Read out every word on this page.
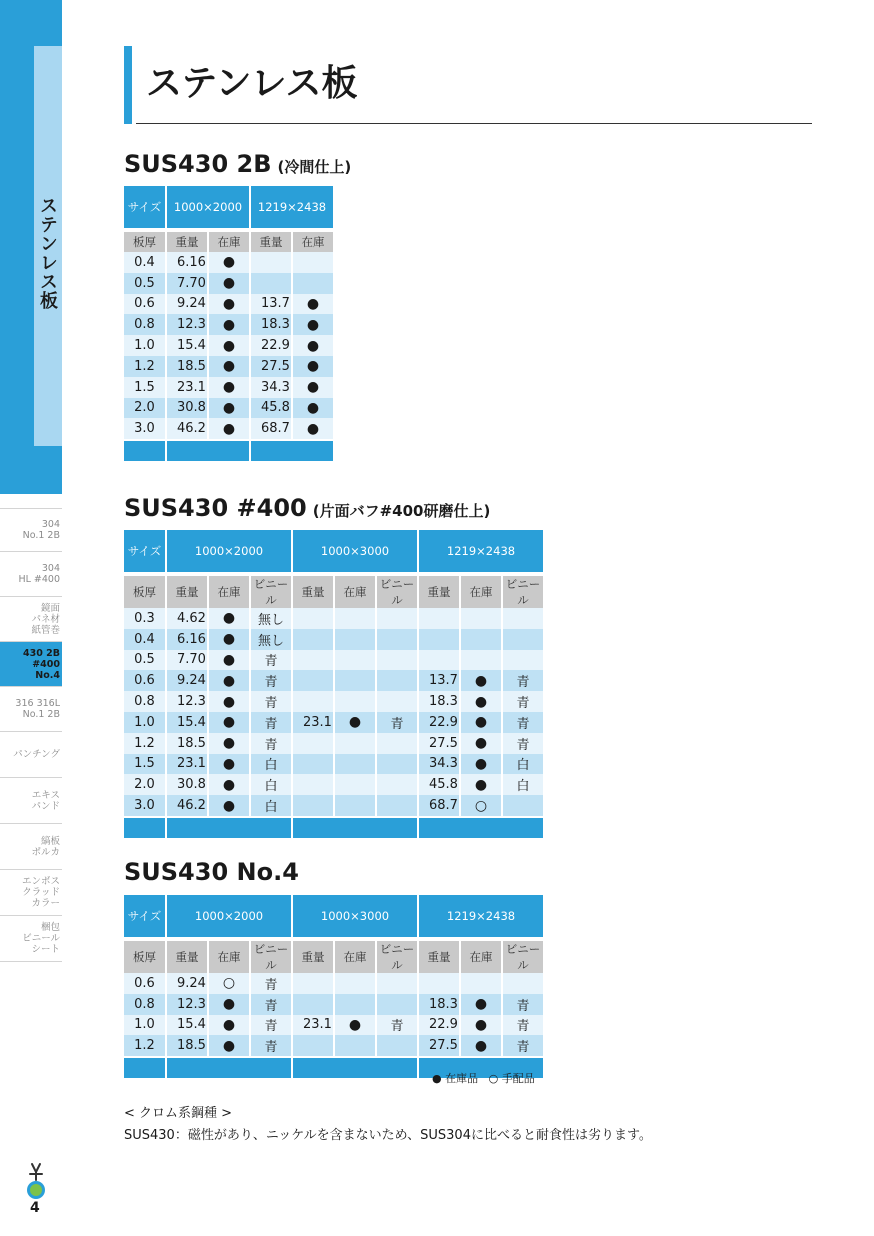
ステンレス板
304
No.1 2B
304
HL #400
鏡面
パネ材
紙管巻
430 2B
#400
No.4
316 316L
No.1 2B
パンチング
エキス
パンド
縞板
ボルカ
エンボス
クラッド
カラー
梱包
ビニール
シート
ステンレス板
SUS430 2B (冷間仕上)
サイズ	1000×2000		1219×2438	
板厚	重量	在庫	重量	在庫
0.4	6.16	●		
0.5	7.70	●		
0.6	9.24	●	13.7	●
0.8	12.3	●	18.3	●
1.0	15.4	●	22.9	●
1.2	18.5	●	27.5	●
1.5	23.1	●	34.3	●
2.0	30.8	●	45.8	●
3.0	46.2	●	68.7	●

SUS430 #400 (片面バフ#400研磨仕上)
サイズ	1000×2000			1000×3000			1219×2438		
板厚	重量	在庫	ビニール	重量	在庫	ビニール	重量	在庫	ビニール
0.3	4.62	●	無し						
0.4	6.16	●	無し						
0.5	7.70	●	青						
0.6	9.24	●	青				13.7	●	青
0.8	12.3	●	青				18.3	●	青
1.0	15.4	●	青	23.1	●	青	22.9	●	青
1.2	18.5	●	青				27.5	●	青
1.5	23.1	●	白				34.3	●	白
2.0	30.8	●	白				45.8	●	白
3.0	46.2	●	白				68.7	○	

SUS430 No.4
サイズ	1000×2000			1000×3000			1219×2438		
板厚	重量	在庫	ビニール	重量	在庫	ビニール	重量	在庫	ビニール
0.6	9.24	○	青						
0.8	12.3	●	青				18.3	●	青
1.0	15.4	●	青	23.1	●	青	22.9	●	青
1.2	18.5	●	青				27.5	●	青

● 在庫品 ○ 手配品
< クロム系鋼種 >
SUS430：磁性があり、ニッケルを含まないため、SUS304に比べると耐食性は劣ります。
4
